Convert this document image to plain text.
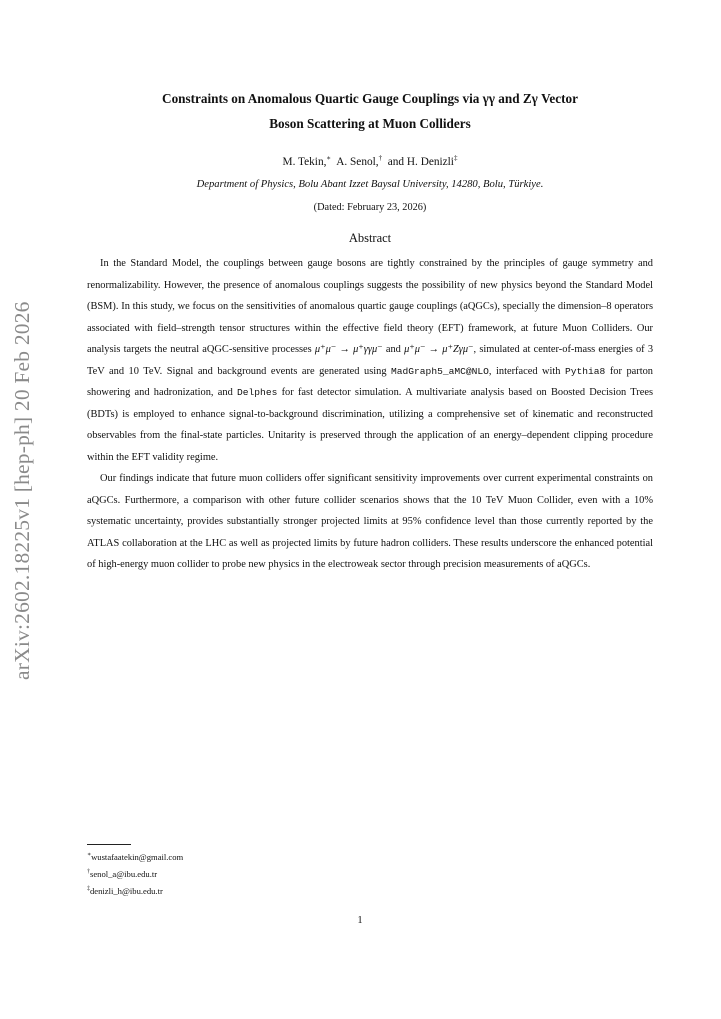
arXiv:2602.18225v1 [hep-ph] 20 Feb 2026
Constraints on Anomalous Quartic Gauge Couplings via γγ and Zγ Vector
Boson Scattering at Muon Colliders
M. Tekin,∗ A. Senol,† and H. Denizli‡
Department of Physics, Bolu Abant Izzet Baysal University, 14280, Bolu, Türkiye.
(Dated: February 23, 2026)
Abstract

In the Standard Model, the couplings between gauge bosons are tightly constrained by the principles of gauge symmetry and renormalizability. However, the presence of anomalous couplings suggests the possibility of new physics beyond the Standard Model (BSM). In this study, we focus on the sensitivities of anomalous quartic gauge couplings (aQGCs), specially the dimension–8 operators associated with field–strength tensor structures within the effective field theory (EFT) framework, at future Muon Colliders. Our analysis targets the neutral aQGC-sensitive processes μ⁺μ⁻ → μ⁺γγμ⁻ and μ⁺μ⁻ → μ⁺Zγμ⁻, simulated at center-of-mass energies of 3 TeV and 10 TeV. Signal and background events are generated using MadGraph5_aMC@NLO, interfaced with Pythia8 for parton showering and hadronization, and Delphes for fast detector simulation. A multivariate analysis based on Boosted Decision Trees (BDTs) is employed to enhance signal-to-background discrimination, utilizing a comprehensive set of kinematic and reconstructed observables from the final-state particles. Unitarity is preserved through the application of an energy–dependent clipping procedure within the EFT validity regime.

Our findings indicate that future muon colliders offer significant sensitivity improvements over current experimental constraints on aQGCs. Furthermore, a comparison with other future collider scenarios shows that the 10 TeV Muon Collider, even with a 10% systematic uncertainty, provides substantially stronger projected limits at 95% confidence level than those currently reported by the ATLAS collaboration at the LHC as well as projected limits by future hadron colliders. These results underscore the enhanced potential of high-energy muon collider to probe new physics in the electroweak sector through precision measurements of aQGCs.

∗wustafaatekin@gmail.com
†senol_a@ibu.edu.tr
‡denizli_h@ibu.edu.tr
1
